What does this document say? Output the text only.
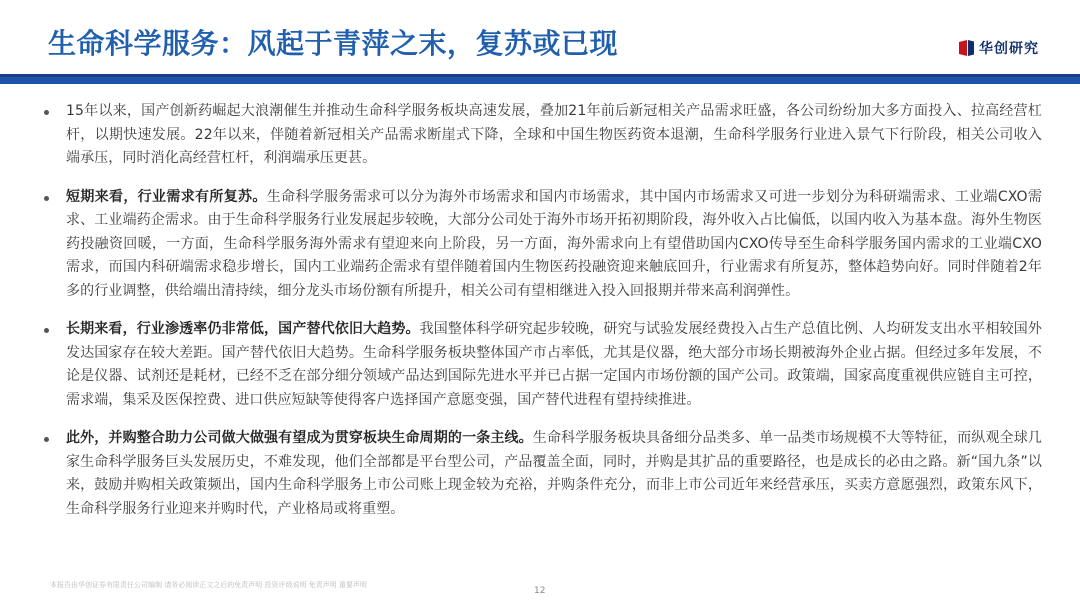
生命科学服务：风起于青萍之末，复苏或已现	华创研究

15年以来，国产创新药崛起大浪潮催生并推动生命科学服务板块高速发展，叠加21年前后新冠相关产品需求旺盛，各公司纷纷加大多方面投入、拉高经营杠杆，以期快速发展。22年以来，伴随着新冠相关产品需求断崖式下降，全球和中国生物医药资本退潮，生命科学服务行业进入景气下行阶段，相关公司收入端承压，同时消化高经营杠杆，利润端承压更甚。

短期来看，行业需求有所复苏。生命科学服务需求可以分为海外市场需求和国内市场需求，其中国内市场需求又可进一步划分为科研端需求、工业端CXO需求、工业端药企需求。由于生命科学服务行业发展起步较晚，大部分公司处于海外市场开拓初期阶段，海外收入占比偏低，以国内收入为基本盘。海外生物医药投融资回暖，一方面，生命科学服务海外需求有望迎来向上阶段，另一方面，海外需求向上有望借助国内CXO传导至生命科学服务国内需求的工业端CXO需求，而国内科研端需求稳步增长，国内工业端药企需求有望伴随着国内生物医药投融资迎来触底回升，行业需求有所复苏，整体趋势向好。同时伴随着2年多的行业调整，供给端出清持续，细分龙头市场份额有所提升，相关公司有望相继进入投入回报期并带来高利润弹性。

长期来看，行业渗透率仍非常低，国产替代依旧大趋势。我国整体科学研究起步较晚，研究与试验发展经费投入占生产总值比例、人均研发支出水平相较国外发达国家存在较大差距。国产替代依旧大趋势。生命科学服务板块整体国产市占率低，尤其是仪器，绝大部分市场长期被海外企业占据。但经过多年发展，不论是仪器、试剂还是耗材，已经不乏在部分细分领域产品达到国际先进水平并已占据一定国内市场份额的国产公司。政策端，国家高度重视供应链自主可控，需求端，集采及医保控费、进口供应短缺等使得客户选择国产意愿变强，国产替代进程有望持续推进。

此外，并购整合助力公司做大做强有望成为贯穿板块生命周期的一条主线。生命科学服务板块具备细分品类多、单一品类市场规模不大等特征，而纵观全球几家生命科学服务巨头发展历史，不难发现，他们全部都是平台型公司，产品覆盖全面，同时，并购是其扩品的重要路径，也是成长的必由之路。新“国九条”以来，鼓励并购相关政策频出，国内生命科学服务上市公司账上现金较为充裕，并购条件充分，而非上市公司近年来经营承压，买卖方意愿强烈，政策东风下，生命科学服务行业迎来并购时代，产业格局或将重塑。

本报告由华创证券有限责任公司编制 请务必阅读正文之后的免责声明 投资评级说明 免责声明 重要声明
12
